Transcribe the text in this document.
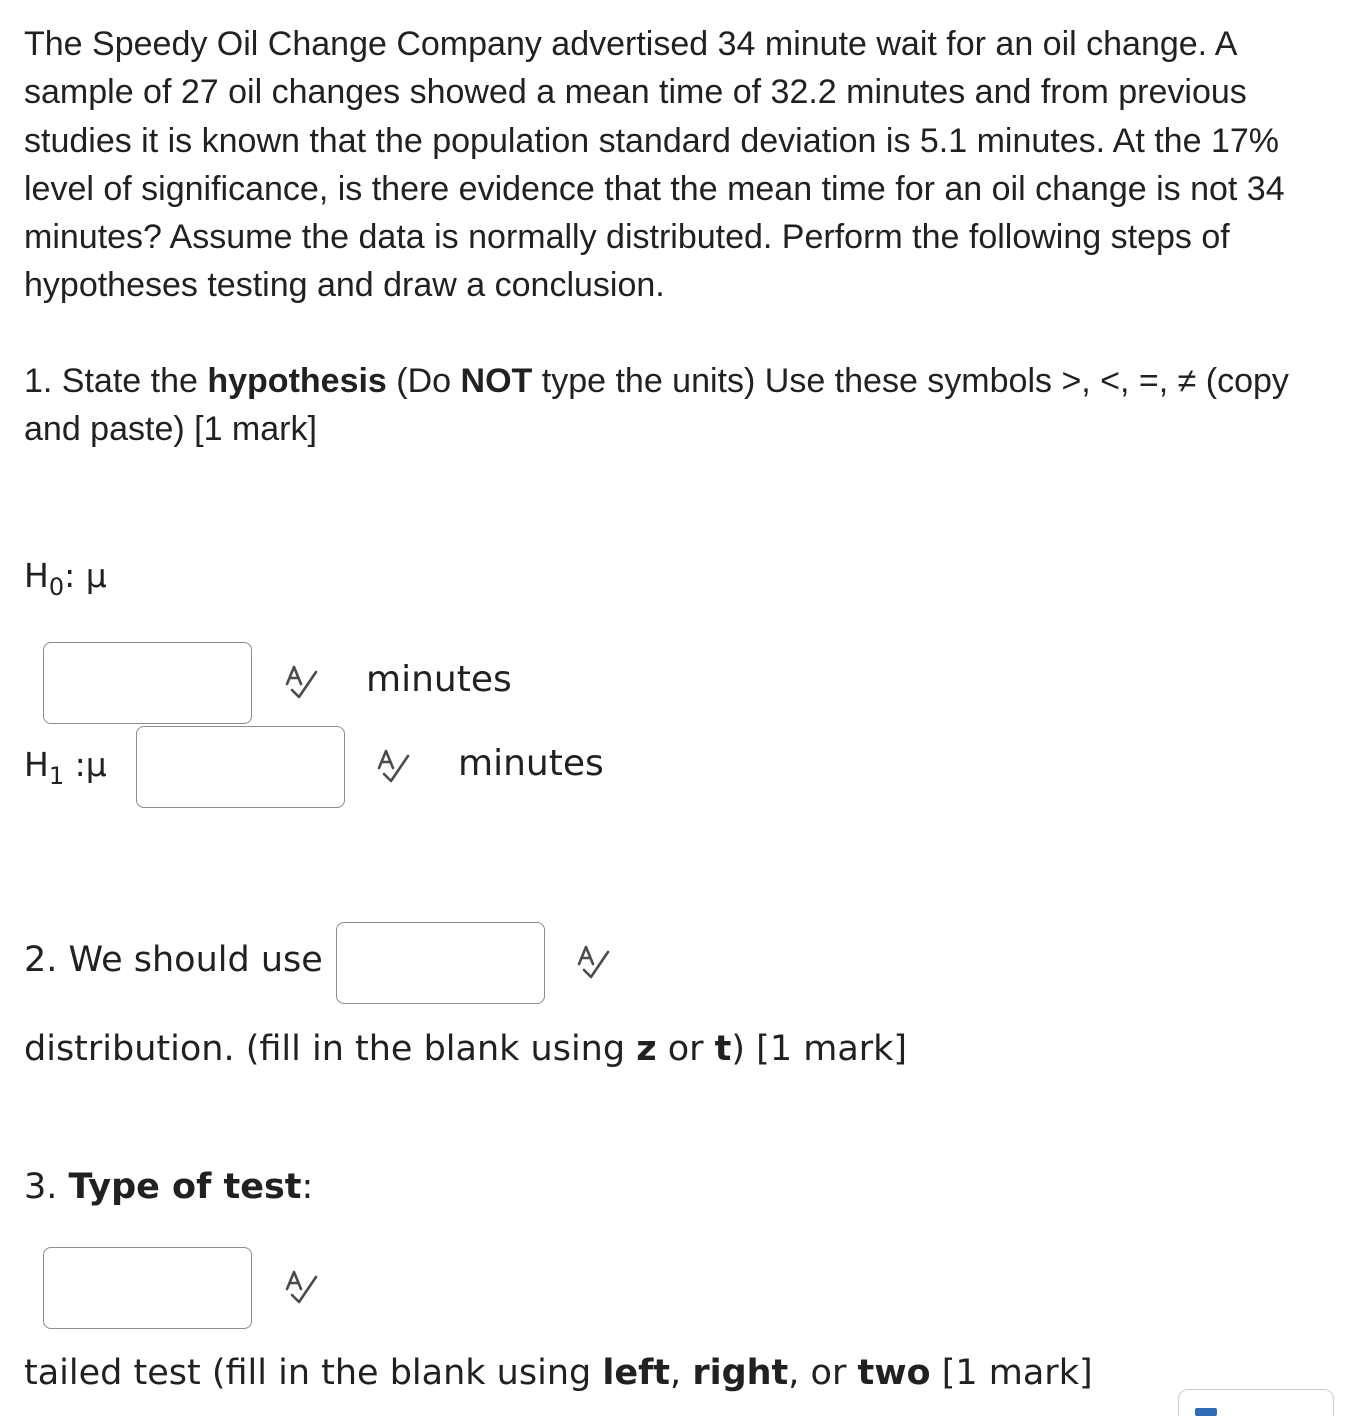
The Speedy Oil Change Company advertised 34 minute wait for an oil change. A sample of 27 oil changes showed a mean time of 32.2 minutes and from previous studies it is known that the population standard deviation is 5.1 minutes. At the 17% level of significance, is there evidence that the mean time for an oil change is not 34 minutes? Assume the data is normally distributed. Perform the following steps of hypotheses testing and draw a conclusion.

1. State the hypothesis (Do NOT type the units) Use these symbols >, <, =, ≠ (copy and paste) [1 mark]

$H_0$: μ
minutes
$H_1$ :μ	minutes
2. We should use
distribution. (fill in the blank using z or t) [1 mark]
3. Type of test:
tailed test (fill in the blank using left, right, or two [1 mark]
